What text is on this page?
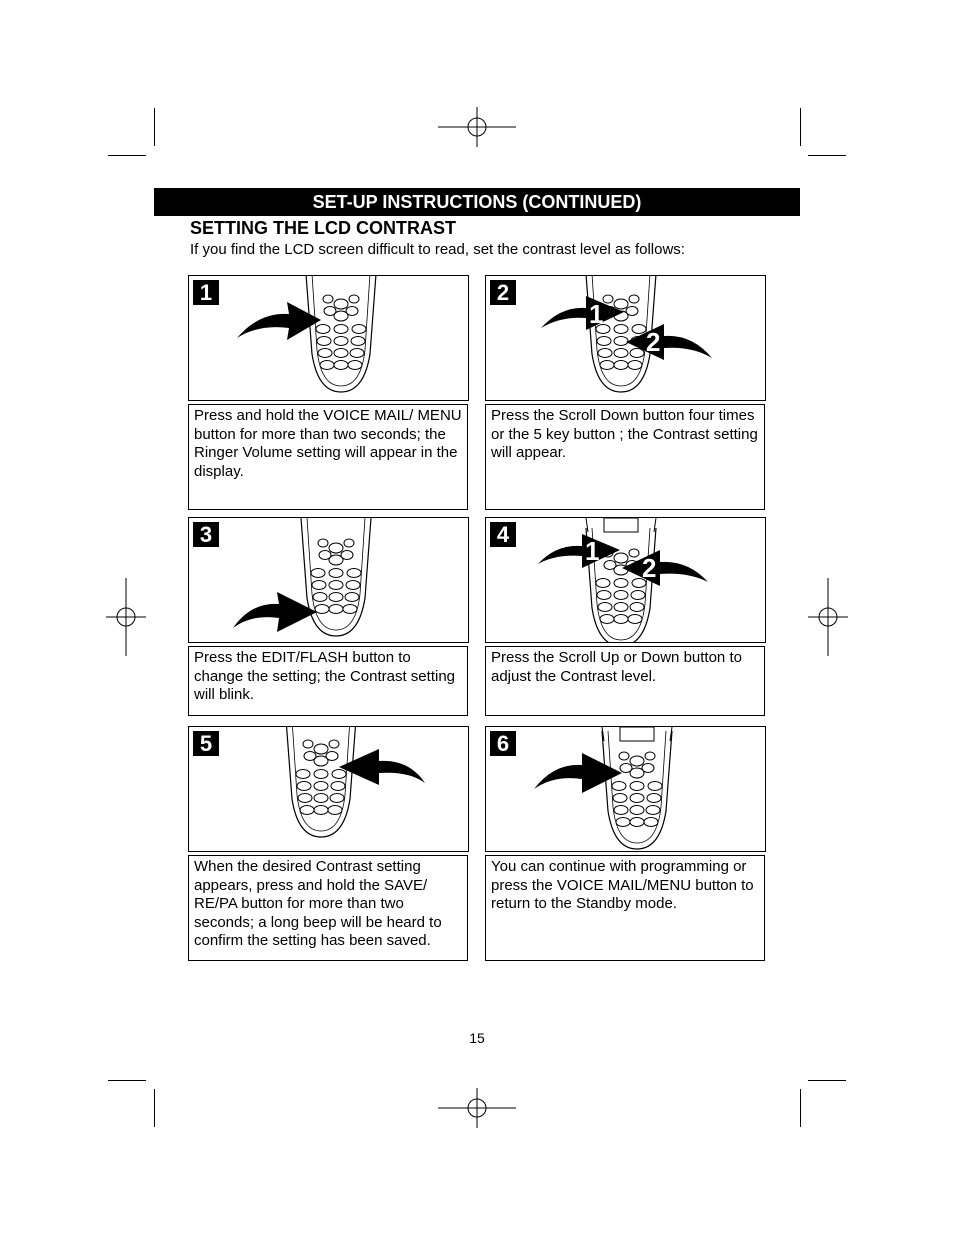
SET-UP INSTRUCTIONS (CONTINUED)
SETTING THE LCD CONTRAST
If you find the LCD screen difficult to read, set the contrast level as follows:
1
Press and hold the VOICE MAIL/ MENU button for more than two seconds; the Ringer Volume setting will appear in the display.
2
1
2
Press the Scroll Down button four times or the 5 key button ; the Contrast setting will appear.
3
Press the EDIT/FLASH button to change the setting; the Contrast setting will blink.
4
1
2
Press the Scroll Up or Down button to adjust the Contrast level.
5
When the desired Contrast setting appears, press and hold the SAVE/ RE/PA button for more than two seconds; a long beep will be heard to confirm the setting has been saved.
6
You can continue with programming or press the VOICE MAIL/MENU button to return to the Standby mode.
15
